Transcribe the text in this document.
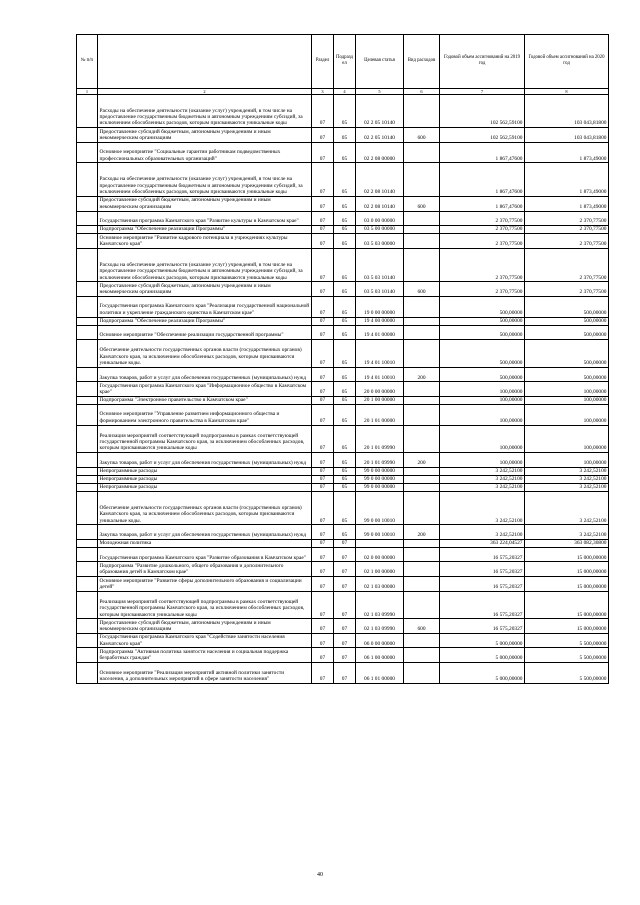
№ п/п		Раздел	Подраздел	Целевая статья	Вид расходов	Годовой объем ассигнований на 2019 год	Годовой объем ассигнований на 2020 год
1	2	3	4	5	6	7	8
	Расходы на обеспечение деятельности (оказание услуг) учреждений, в том числе на предоставление государственным бюджетным и автономным учреждениям субсидий, за исключением обособленных расходов, которым присваиваются уникальные коды	07	05	02 2 05 10140		102 562,59100	103 043,81800
	Предоставление субсидий бюджетным, автономным учреждениям и иным некоммерческим организациям	07	05	02 2 05 10140	600	102 562,59100	103 043,81800
	Основное мероприятие "Социальные гарантии работникам подведомственных профессиональных образовательных организаций"	07	05	02 2 08 00000		1 867,47600	1 873,49000
	Расходы на обеспечение деятельности (оказание услуг) учреждений, в том числе на предоставление государственным бюджетным и автономным учреждениям субсидий, за исключением обособленных расходов, которым присваиваются уникальные коды	07	05	02 2 08 10140		1 867,47600	1 873,49000
	Предоставление субсидий бюджетным, автономным учреждениям и иным некоммерческим организациям	07	05	02 2 08 10140	600	1 867,47600	1 873,49000
	Государственная программа Камчатского края "Развитие культуры в Камчатском крае"	07	05	03 0 00 00000		2 370,77500	2 370,77500
	Подпрограмма "Обеспечение реализации Программы"	07	05	03 5 00 00000		2 370,77500	2 370,77500
	Основное мероприятие "Развитие кадрового потенциала в учреждениях культуры Камчатского края"	07	05	03 5 03 00000		2 370,77500	2 370,77500
	Расходы на обеспечение деятельности (оказание услуг) учреждений, в том числе на предоставление государственным бюджетным и автономным учреждениям субсидий, за исключением обособленных расходов, которым присваиваются уникальные коды	07	05	03 5 03 10140		2 370,77500	2 370,77500
	Предоставление субсидий бюджетным, автономным учреждениям и иным некоммерческим организациям	07	05	03 5 03 10140	600	2 370,77500	2 370,77500
	Государственная программа Камчатского края "Реализация государственной национальной политики и укрепление гражданского единства в Камчатском крае"	07	05	19 0 00 00000		500,00000	500,00000
	Подпрограмма "Обеспечение реализации Программы"	07	05	19 4 00 00000		500,00000	500,00000
	Основное мероприятие "Обеспечение реализации государственной программы"	07	05	19 4 01 00000		500,00000	500,00000
	Обеспечение деятельности государственных органов власти (государственных органов) Камчатского края, за исключением обособленных расходов, которым присваиваются уникальные коды.	07	05	19 4 01 10010		500,00000	500,00000
	Закупка товаров, работ и услуг для обеспечения государственных (муниципальных) нужд	07	05	19 4 01 10010	200	500,00000	500,00000
	Государственная программа Камчатского края "Информационное общество в Камчатском крае"	07	05	20 0 00 00000		100,00000	100,00000
	Подпрограмма "Электронное правительство в Камчатском крае"	07	05	20 1 00 00000		100,00000	100,00000
	Основное мероприятие "Управление развитием информационного общества и формированием электронного правительства в Камчатском крае"	07	05	20 1 01 00000		100,00000	100,00000
	Реализация мероприятий соответствующей подпрограммы в рамках соответствующей государственной программы Камчатского края, за исключением обособленных расходов, которым присваиваются уникальные коды	07	05	20 1 01 09990		100,00000	100,00000
	Закупка товаров, работ и услуг для обеспечения государственных (муниципальных) нужд	07	05	20 1 01 09990	200	100,00000	100,00000
	Непрограммные расходы	07	05	99 0 00 00000		3 242,52100	3 242,52100
	Непрограммные расходы	07	05	99 0 00 00000		3 242,52100	3 242,52100
	Непрограммные расходы	07	05	99 0 00 00000		3 242,52100	3 242,52100
	Обеспечение деятельности государственных органов власти (государственных органов) Камчатского края, за исключением обособленных расходов, которым присваиваются уникальные коды.	07	05	99 0 00 10010		3 242,52100	3 242,52100
	Закупка товаров, работ и услуг для обеспечения государственных (муниципальных) нужд	07	05	99 0 00 10010	200	3 242,52100	3 242,52100
	Молодежная политика	07	07			363 224,04527	363 082,30800
	Государственная программа Камчатского края "Развитие образования в Камчатском крае"	07	07	02 0 00 00000		16 575,20327	15 000,00000
	Подпрограмма "Развитие дошкольного, общего образования и дополнительного образования детей в Камчатском крае"	07	07	02 1 00 00000		16 575,20327	15 000,00000
	Основное мероприятие "Развитие сферы дополнительного образования и социализации детей"	07	07	02 1 03 00000		16 575,20327	15 000,00000
	Реализация мероприятий соответствующей подпрограммы в рамках соответствующей государственной программы Камчатского края, за исключением обособленных расходов, которым присваиваются уникальные коды	07	07	02 1 03 09990		16 575,20327	15 000,00000
	Предоставление субсидий бюджетным, автономным учреждениям и иным некоммерческим организациям	07	07	02 1 03 09990	600	16 575,20327	15 000,00000
	Государственная программа Камчатского края "Содействие занятости населения Камчатского края"	07	07	06 0 00 00000		5 000,00000	5 500,00000
	Подпрограмма "Активная политика занятости населения и социальная поддержка безработных граждан"	07	07	06 1 00 00000		5 000,00000	5 500,00000
	Основное мероприятие "Реализация мероприятий активной политики занятости населения, а дополнительных мероприятий в сфере занятости населения"	07	07	06 1 01 00000		5 000,00000	5 500,00000
40
